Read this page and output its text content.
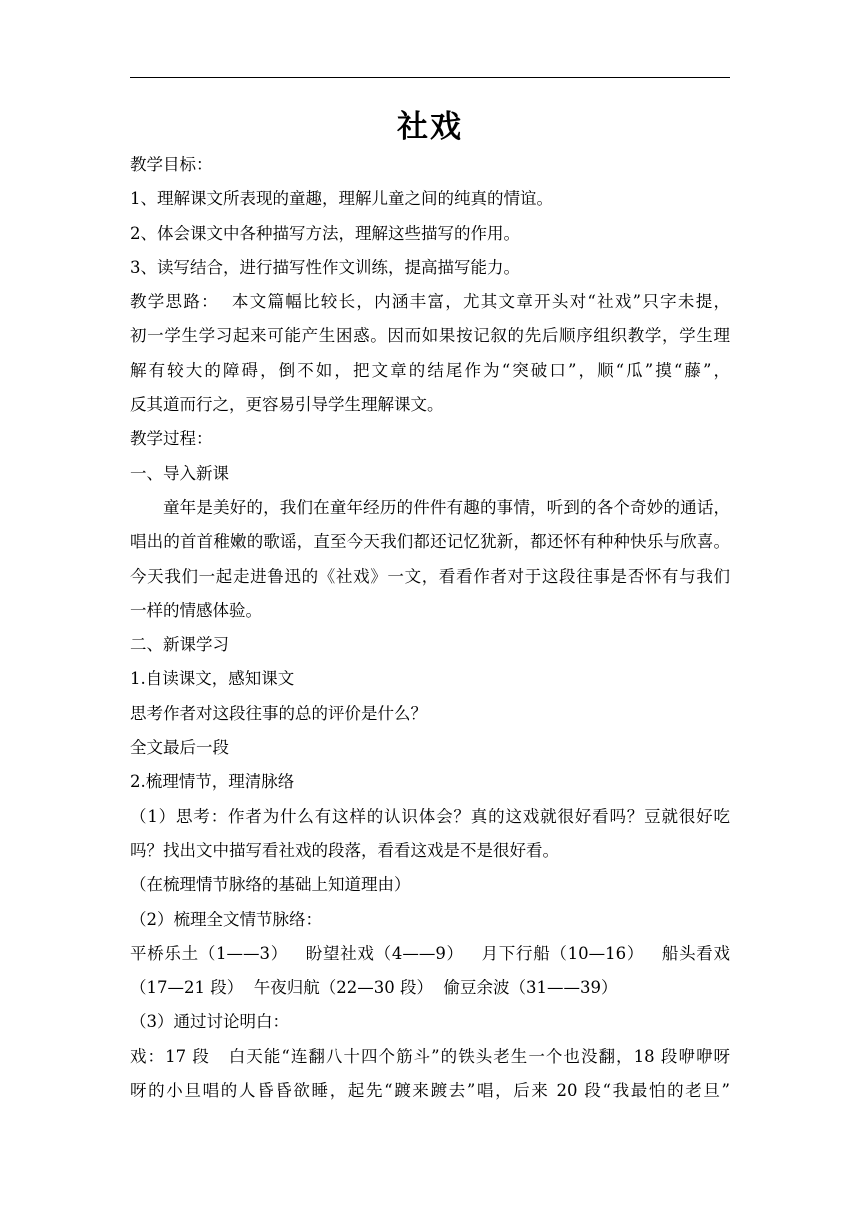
社戏

教学目标：

1、理解课文所表现的童趣，理解儿童之间的纯真的情谊。

2、体会课文中各种描写方法，理解这些描写的作用。

3、读写结合，进行描写性作文训练，提高描写能力。

教学思路：  本文篇幅比较长，内涵丰富，尤其文章开头对“社戏”只字未提，

初一学生学习起来可能产生困惑。因而如果按记叙的先后顺序组织教学，学生理

解有较大的障碍，倒不如，把文章的结尾作为“突破口”，顺“瓜”摸“藤”，

反其道而行之，更容易引导学生理解课文。

教学过程：

一、导入新课

童年是美好的，我们在童年经历的件件有趣的事情，听到的各个奇妙的通话，

唱出的首首稚嫩的歌谣，直至今天我们都还记忆犹新，都还怀有种种快乐与欣喜。

今天我们一起走进鲁迅的《社戏》一文，看看作者对于这段往事是否怀有与我们

一样的情感体验。

二、新课学习

1.自读课文，感知课文

思考作者对这段往事的总的评价是什么？

全文最后一段

2.梳理情节，理清脉络

（1）思考：作者为什么有这样的认识体会？真的这戏就很好看吗？豆就很好吃

吗？找出文中描写看社戏的段落，看看这戏是不是很好看。

（在梳理情节脉络的基础上知道理由）

（2）梳理全文情节脉络：

平桥乐土（1——3）   盼望社戏（4——9）   月下行船（10—16）   船头看戏

（17—21 段）  午夜归航（22—30 段）  偷豆余波（31——39）

（3）通过讨论明白：

戏：17 段   白天能“连翻八十四个筋斗”的铁头老生一个也没翻，18 段咿咿呀

呀的小旦唱的人昏昏欲睡，起先“踱来踱去”唱，后来 20 段“我最怕的老旦”
